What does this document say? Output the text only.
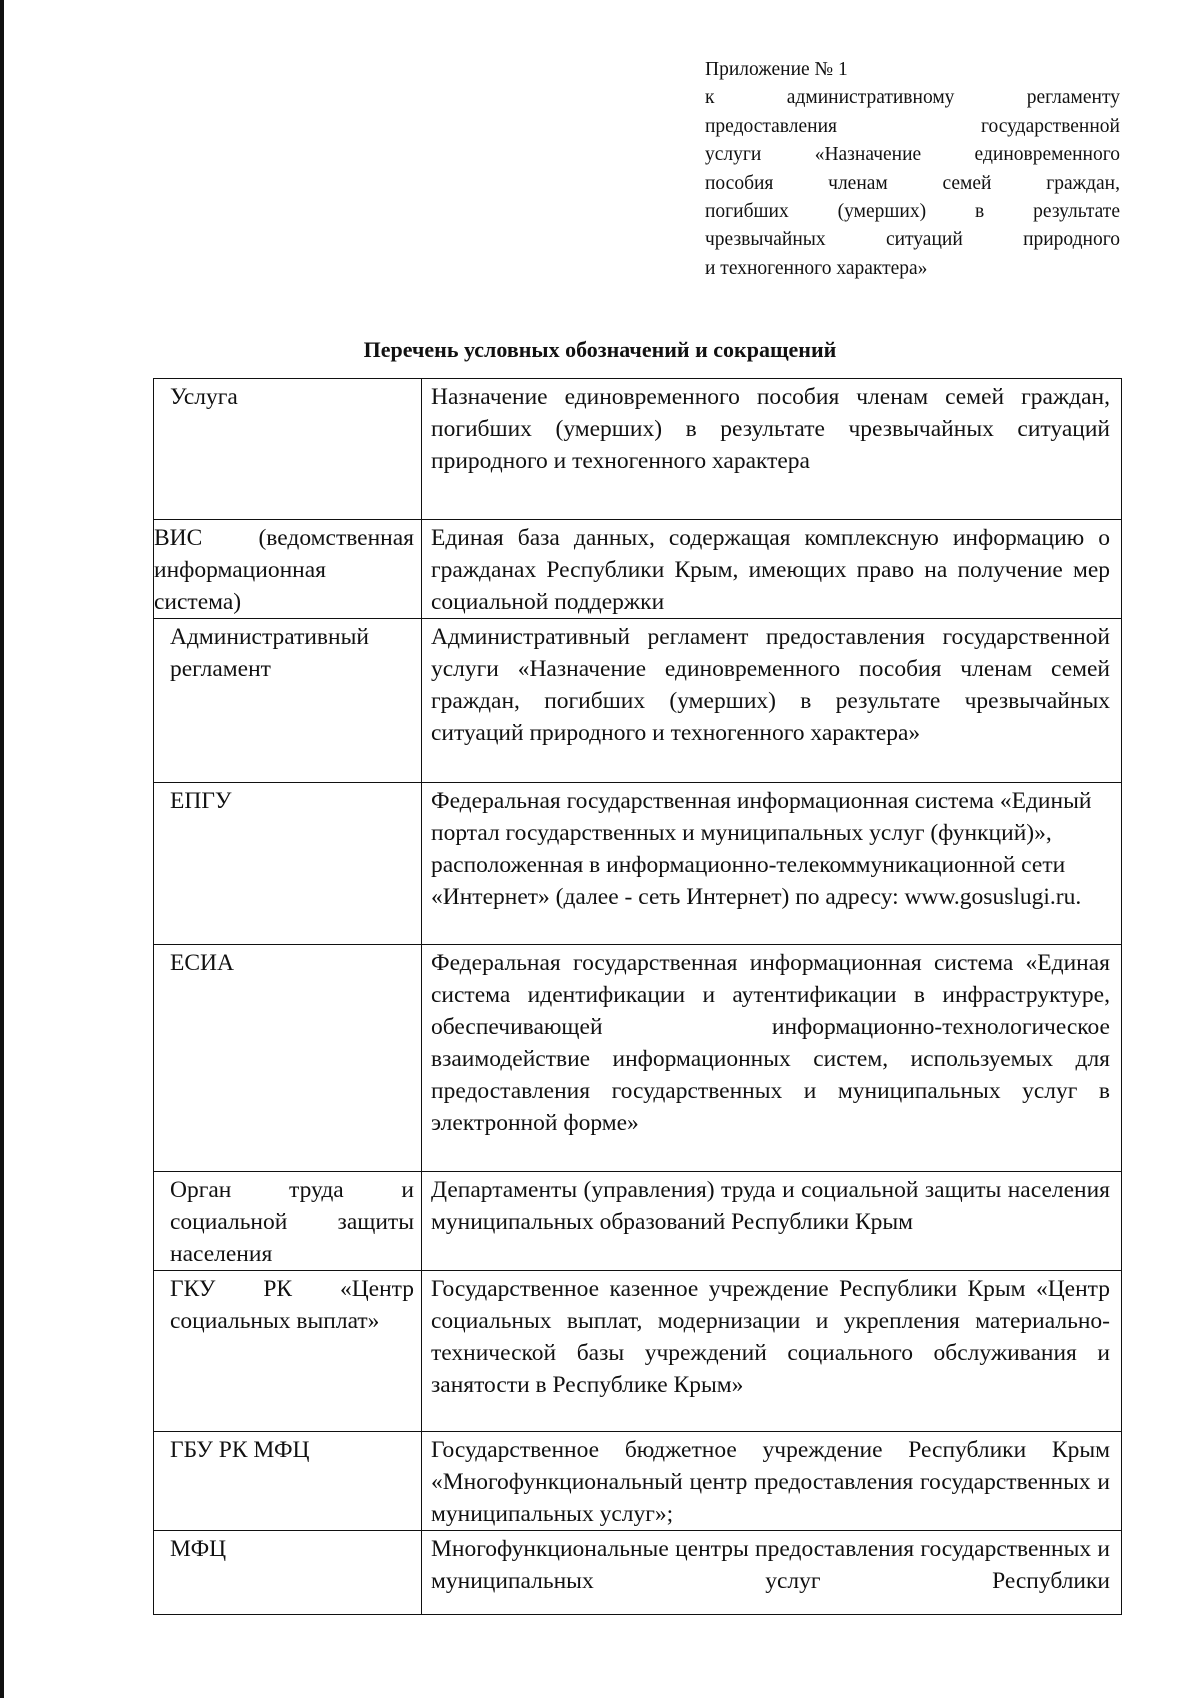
Приложение № 1
к административному регламенту
предоставления государственной
услуги «Назначение единовременного
пособия членам семей граждан,
погибших (умерших) в результате
чрезвычайных ситуаций природного
и техногенного характера»
Перечень условных обозначений и сокращений
Услуга	Назначение единовременного пособия членам семей граждан, погибших (умерших) в результате чрезвычайных ситуаций природного и техногенного характера

ВИС (ведомственная информационная система)	Единая база данных, содержащая комплексную информацию о гражданах Республики Крым, имеющих право на получение мер социальной поддержки

Административный регламент	Административный регламент предоставления государственной услуги «Назначение единовременного пособия членам семей граждан, погибших (умерших) в результате чрезвычайных ситуаций природного и техногенного характера»

ЕПГУ	Федеральная государственная информационная система «Единый портал государственных и муниципальных услуг (функций)», расположенная в информационно-телекоммуникационной сети «Интернет» (далее - сеть Интернет) по адресу: www.gosuslugi.ru.

ЕСИА	Федеральная государственная информационная система «Единая система идентификации и аутентификации в инфраструктуре, обеспечивающей информационно-технологическое взаимодействие информационных систем, используемых для предоставления государственных и муниципальных услуг в электронной форме»

Орган труда и социальной защиты населения	Департаменты (управления) труда и социальной защиты населения муниципальных образований Республики Крым

ГКУ РК «Центр социальных выплат»	Государственное казенное учреждение Республики Крым «Центр социальных выплат, модернизации и укрепления материально-технической базы учреждений социального обслуживания и занятости в Республике Крым»

ГБУ РК МФЦ	Государственное бюджетное учреждение Республики Крым «Многофункциональный центр предоставления государственных и муниципальных услуг»;

МФЦ	Многофункциональные центры предоставления государственных и муниципальных услуг Республики
